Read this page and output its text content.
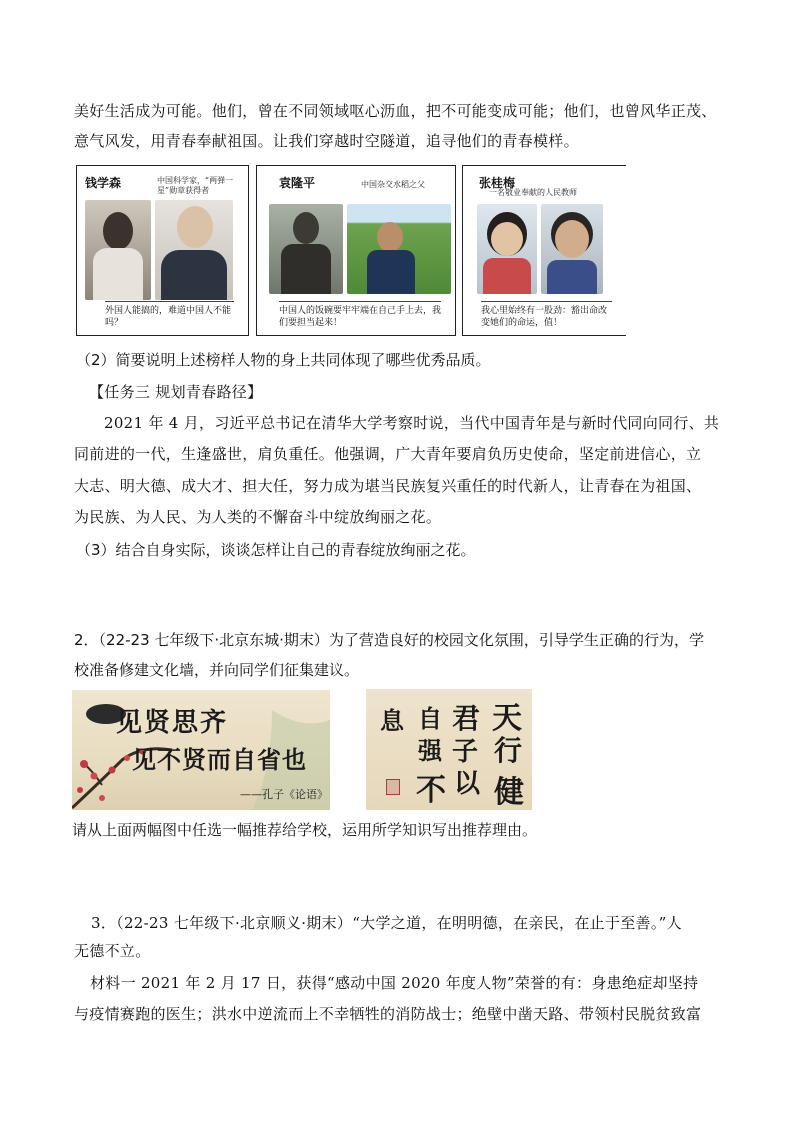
美好生活成为可能。他们，曾在不同领域呕心沥血，把不可能变成可能；他们，也曾风华正茂、
意气风发，用青春奉献祖国。让我们穿越时空隧道，追寻他们的青春模样。
钱学森	中国科学家，“两弹一星”勋章获得者
外国人能搞的，难道中国人不能吗？
袁隆平	中国杂交水稻之父
中国人的饭碗要牢牢端在自己手上去，我们要担当起来！
张桂梅
一名敬业奉献的人民教师
我心里始终有一股劲：豁出命改变她们的命运，值！
（2）简要说明上述榜样人物的身上共同体现了哪些优秀品质。
【任务三 规划青春路径】
2021 年 4 月，习近平总书记在清华大学考察时说，当代中国青年是与新时代同向同行、共
同前进的一代，生逢盛世，肩负重任。他强调，广大青年要肩负历史使命，坚定前进信心，立
大志、明大德、成大才、担大任，努力成为堪当民族复兴重任的时代新人，让青春在为祖国、
为民族、为人民、为人类的不懈奋斗中绽放绚丽之花。
（3）结合自身实际，谈谈怎样让自己的青春绽放绚丽之花。
2．（22-23 七年级下·北京东城·期末）为了营造良好的校园文化氛围，引导学生正确的行为，学
校准备修建文化墙，并向同学们征集建议。
见贤思齐
见不贤而自省也
——孔子《论语》
天
行
健
君
子
以
自
强
不
息
请从上面两幅图中任选一幅推荐给学校，运用所学知识写出推荐理由。
3．（22-23 七年级下·北京顺义·期末）“大学之道，在明明德，在亲民，在止于至善。”人
无德不立。
材料一 2021 年 2 月 17 日，获得“感动中国 2020 年度人物”荣誉的有：身患绝症却坚持
与疫情赛跑的医生；洪水中逆流而上不幸牺牲的消防战士；绝壁中凿天路、带领村民脱贫致富
